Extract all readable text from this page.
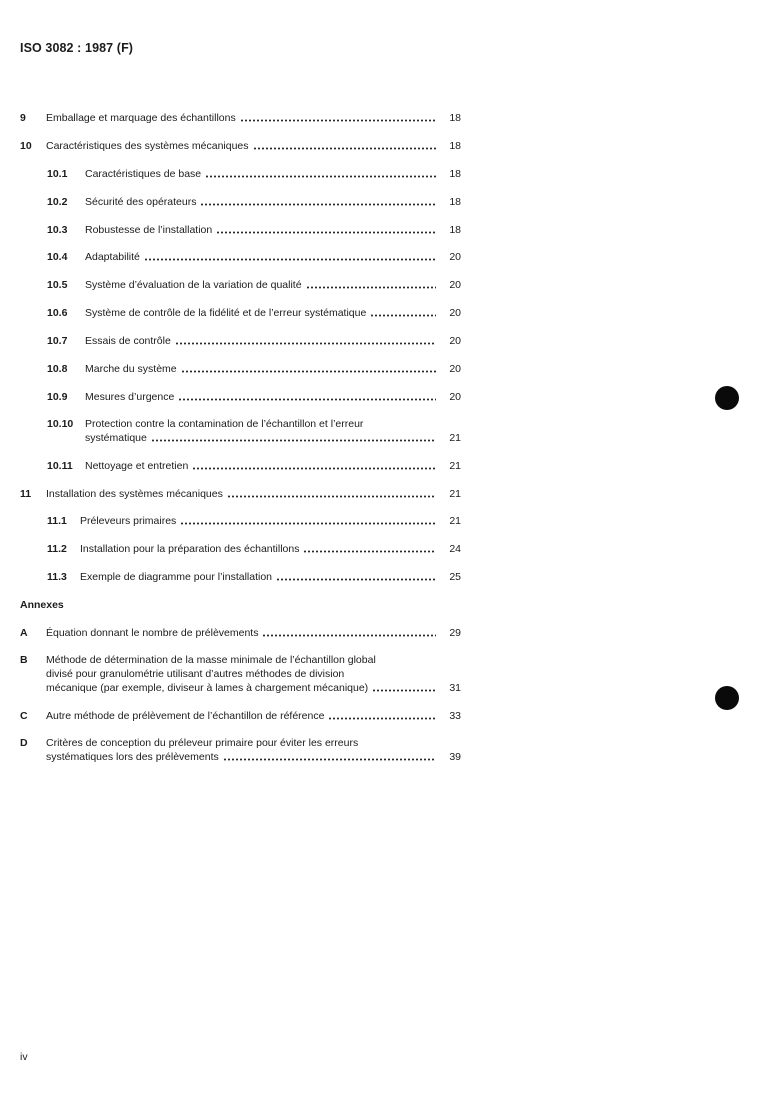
ISO 3082 : 1987 (F)
9 Emballage et marquage des échantillons	18
10 Caractéristiques des systèmes mécaniques	18
10.1 Caractéristiques de base	18
10.2 Sécurité des opérateurs	18
10.3 Robustesse de l’installation	18
10.4 Adaptabilité	20
10.5 Système d’évaluation de la variation de qualité	20
10.6 Système de contrôle de la fidélité et de l’erreur systématique	20
10.7 Essais de contrôle	20
10.8 Marche du système	20
10.9 Mesures d’urgence	20
10.10 Protection contre la contamination de l’échantillon et l’erreur
systématique	21
10.11 Nettoyage et entretien	21
11 Installation des systèmes mécaniques	21
11.1 Préleveurs primaires	21
11.2 Installation pour la préparation des échantillons	24
11.3 Exemple de diagramme pour l’installation	25
Annexes
A Équation donnant le nombre de prélèvements	29
B Méthode de détermination de la masse minimale de l’échantillon global
divisé pour granulométrie utilisant d’autres méthodes de division
mécanique (par exemple, diviseur à lames à chargement mécanique)	31
C Autre méthode de prélèvement de l’échantillon de référence	33
D Critères de conception du préleveur primaire pour éviter les erreurs
systématiques lors des prélèvements	39
iv
